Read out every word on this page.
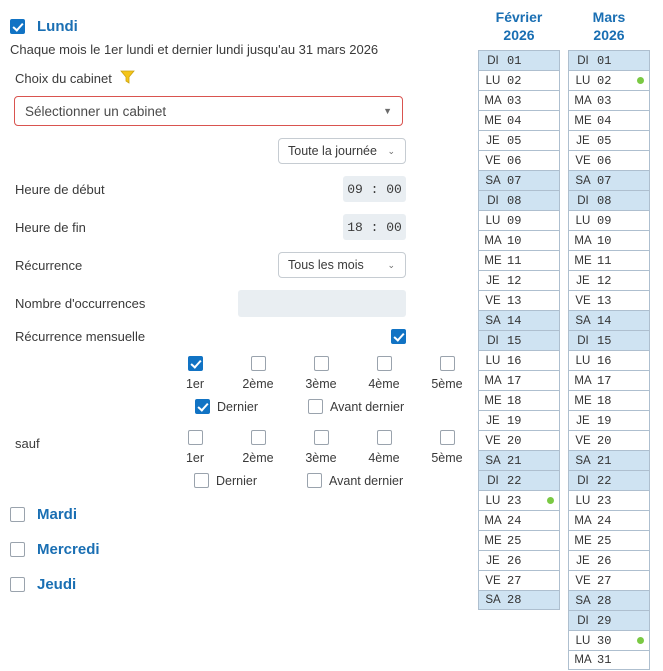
Lundi
Chaque mois le 1er lundi et dernier lundi jusqu'au 31 mars 2026
Choix du cabinet
Sélectionner un cabinet	▼
Toute la journée ⌄
Heure de début	09 : 00
Heure de fin	18 : 00
Récurrence	Tous les mois	⌄
Nombre d'occurrences
Récurrence mensuelle
1er	2ème	3ème	4ème	5ème
Dernier	Avant dernier
sauf
1er	2ème	3ème	4ème	5ème
Dernier	Avant dernier
Mardi
Mercredi
Jeudi
Février
2026
DI 01
LU 02
MA 03
ME 04
JE 05
VE 06
SA 07
DI 08
LU 09
MA 10
ME 11
JE 12
VE 13
SA 14
DI 15
LU 16
MA 17
ME 18
JE 19
VE 20
SA 21
DI 22
LU 23
MA 24
ME 25
JE 26
VE 27
SA 28
Mars
2026
DI 01
LU 02
MA 03
ME 04
JE 05
VE 06
SA 07
DI 08
LU 09
MA 10
ME 11
JE 12
VE 13
SA 14
DI 15
LU 16
MA 17
ME 18
JE 19
VE 20
SA 21
DI 22
LU 23
MA 24
ME 25
JE 26
VE 27
SA 28
DI 29
LU 30
MA 31
